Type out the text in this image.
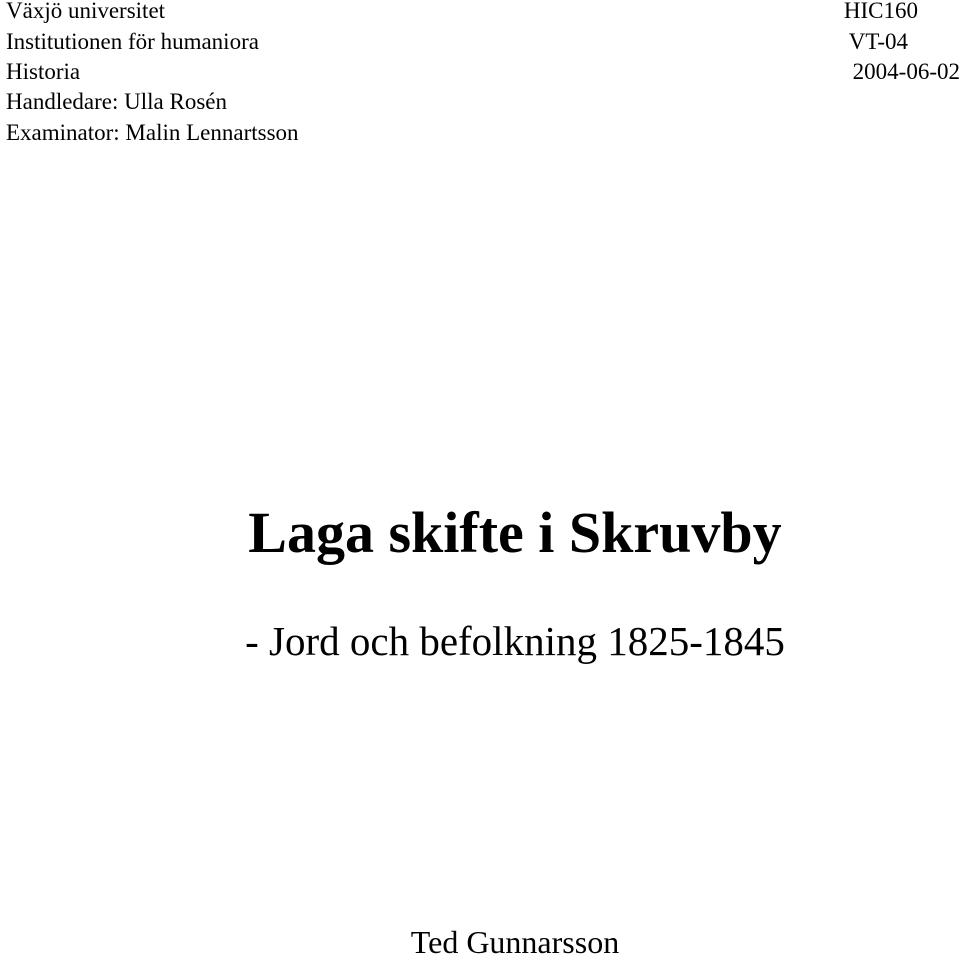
Växjö universitet
Institutionen för humaniora
Historia
Handledare: Ulla Rosén
Examinator: Malin Lennartsson
HIC160
VT-04
2004-06-02
Laga skifte i Skruvby
- Jord och befolkning 1825-1845
Ted Gunnarsson
